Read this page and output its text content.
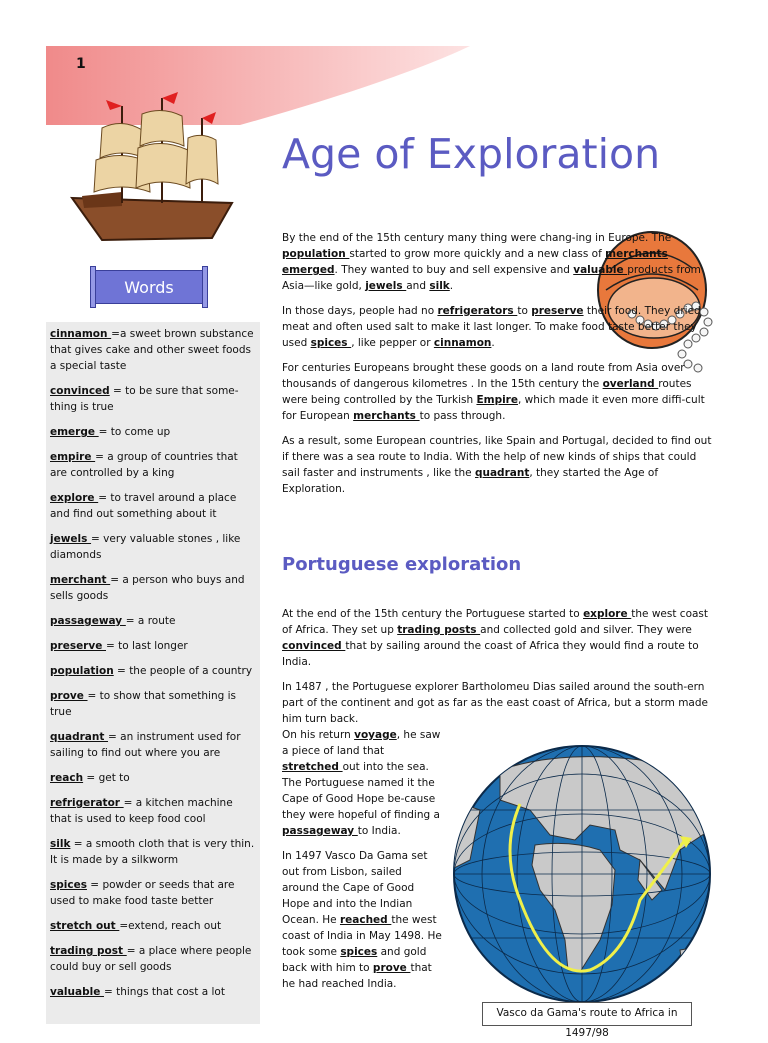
1
Age of Exploration
Words
cinnamon =a sweet brown substance that gives cake and other sweet foods a special taste
convinced = to be sure that some-thing is true
emerge = to come up
empire = a group of countries that are controlled by a king
explore = to travel around a place and find out something about it
jewels = very valuable stones , like diamonds
merchant = a person who buys and sells goods
passageway = a route
preserve = to last longer
population = the people of a country
prove = to show that something is true
quadrant = an instrument used for sailing to find out where you are
reach = get to
refrigerator = a kitchen machine that is used to keep food cool
silk = a smooth cloth that is very thin. It is made by a silkworm
spices = powder or seeds that are used to make food taste better
stretch out =extend, reach out
trading post = a place where people could buy or sell goods
valuable = things that cost a lot

By the end of the 15th century many thing were chang-ing in Europe. The population started to grow more quickly and a new class of merchants emerged. They wanted to buy and sell expensive and valuable products from Asia—like gold, jewels and silk.

In those days, people had no refrigerators to preserve their food. They dried meat and often used salt to make it last longer. To make food taste better they used spices , like pepper or cinnamon.

For centuries Europeans brought these goods on a land route from Asia over thousands of dangerous kilometres . In the 15th century the overland routes were being controlled by the Turkish Empire, which made it even more diffi-cult for European merchants to pass through.

As a result, some European countries, like Spain and Portugal, decided to find out if there was a sea route to India. With the help of new kinds of ships that could sail faster and instruments , like the quadrant, they started the Age of Exploration.

Portuguese exploration

At the end of the 15th century the Portuguese started to explore the west coast of Africa. They set up trading posts and collected gold and silver. They were convinced that by sailing around the coast of Africa they would find a route to India.

In 1487 , the Portuguese explorer Bartholomeu Dias sailed around the south-ern part of the continent and got as far as the east coast of Africa, but a storm made him turn back.

On his return voyage, he saw a piece of land that stretched out into the sea. The Portuguese named it the Cape of Good Hope be-cause they were hopeful of finding a passageway to India.

In 1497 Vasco Da Gama set out from Lisbon, sailed around the Cape of Good Hope and into the Indian Ocean. He reached the west coast of India in May 1498. He took some spices and gold back with him to prove that he had reached India.

Vasco da Gama's route to Africa in 1497/98
